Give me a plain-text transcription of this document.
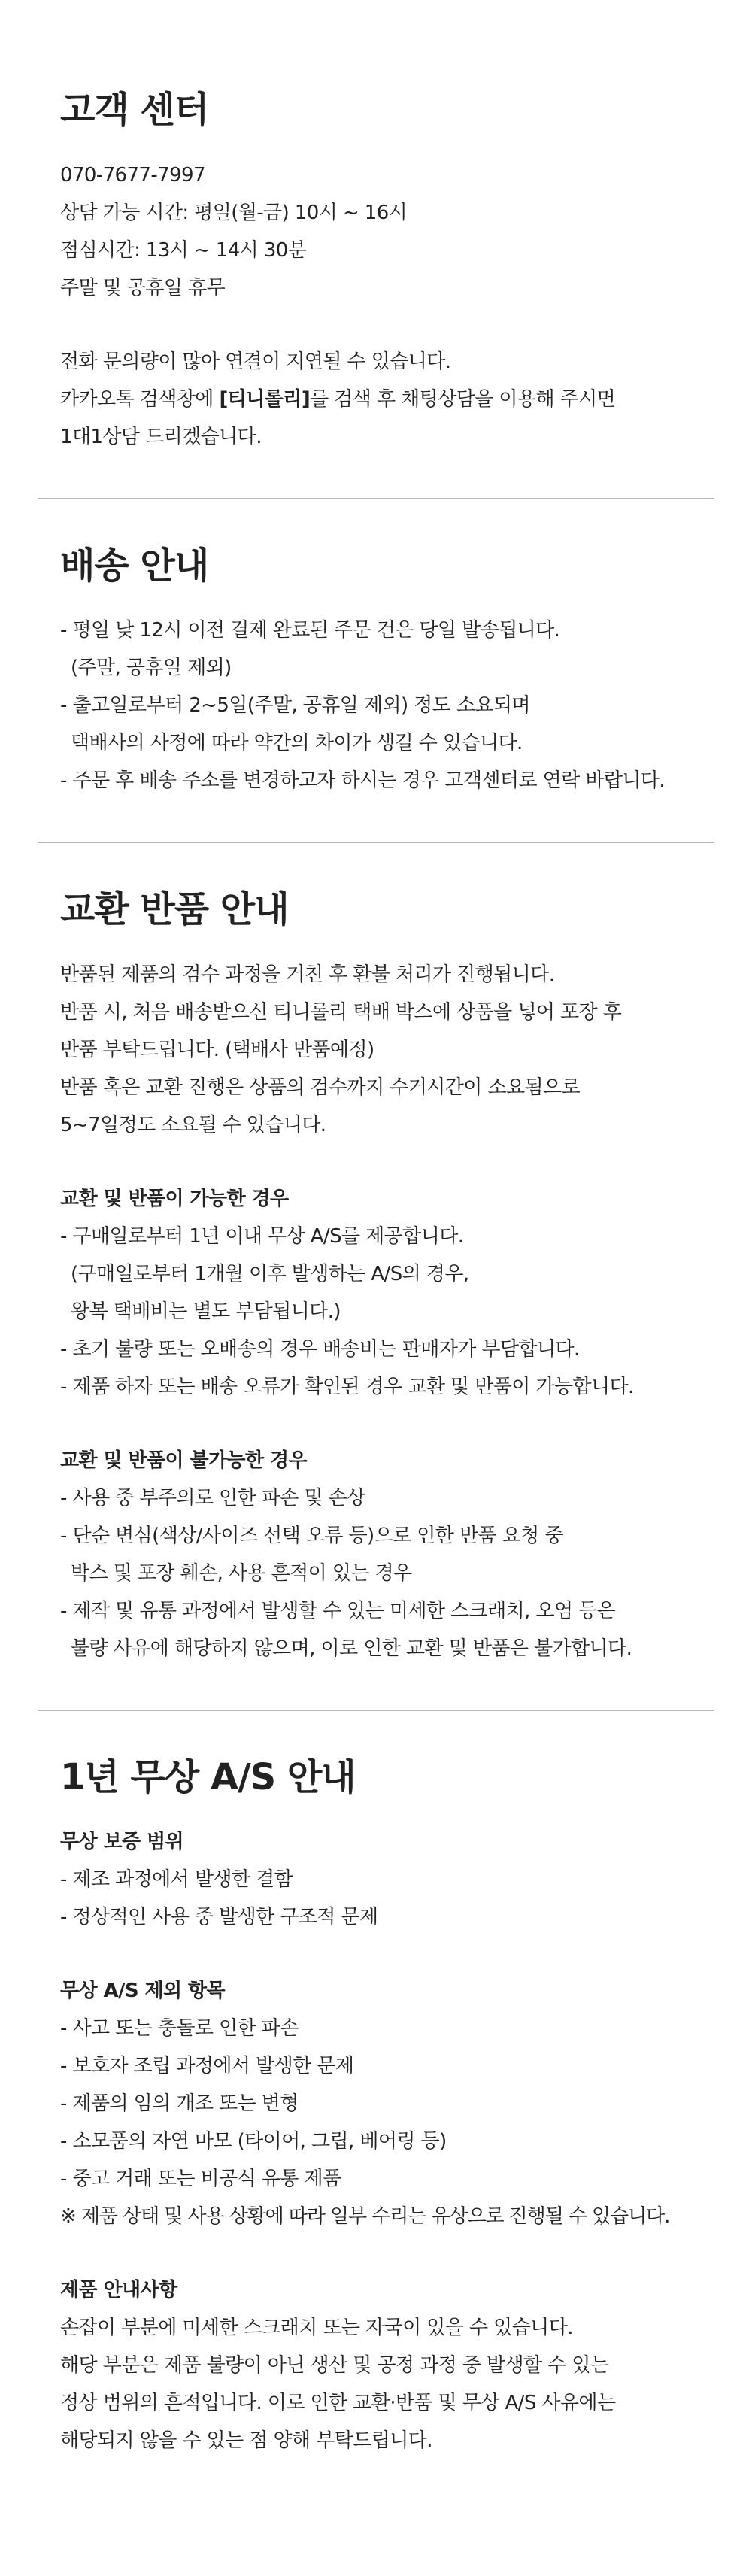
고객 센터
070-7677-7997
상담 가능 시간: 평일(월-금) 10시 ~ 16시
점심시간: 13시 ~ 14시 30분
주말 및 공휴일 휴무
전화 문의량이 많아 연결이 지연될 수 있습니다.
카카오톡 검색창에 [티니롤리]를 검색 후 채팅상담을 이용해 주시면
1대1상담 드리겠습니다.
배송 안내
- 평일 낮 12시 이전 결제 완료된 주문 건은 당일 발송됩니다.
(주말, 공휴일 제외)
- 출고일로부터 2~5일(주말, 공휴일 제외) 정도 소요되며
택배사의 사정에 따라 약간의 차이가 생길 수 있습니다.
- 주문 후 배송 주소를 변경하고자 하시는 경우 고객센터로 연락 바랍니다.
교환 반품 안내
반품된 제품의 검수 과정을 거친 후 환불 처리가 진행됩니다.
반품 시, 처음 배송받으신 티니롤리 택배 박스에 상품을 넣어 포장 후
반품 부탁드립니다. (택배사 반품예정)
반품 혹은 교환 진행은 상품의 검수까지 수거시간이 소요됨으로
5~7일정도 소요될 수 있습니다.
교환 및 반품이 가능한 경우
- 구매일로부터 1년 이내 무상 A/S를 제공합니다.
(구매일로부터 1개월 이후 발생하는 A/S의 경우,
왕복 택배비는 별도 부담됩니다.)
- 초기 불량 또는 오배송의 경우 배송비는 판매자가 부담합니다.
- 제품 하자 또는 배송 오류가 확인된 경우 교환 및 반품이 가능합니다.
교환 및 반품이 불가능한 경우
- 사용 중 부주의로 인한 파손 및 손상
- 단순 변심(색상/사이즈 선택 오류 등)으로 인한 반품 요청 중
박스 및 포장 훼손, 사용 흔적이 있는 경우
- 제작 및 유통 과정에서 발생할 수 있는 미세한 스크래치, 오염 등은
불량 사유에 해당하지 않으며, 이로 인한 교환 및 반품은 불가합니다.
1년 무상 A/S 안내
무상 보증 범위
- 제조 과정에서 발생한 결함
- 정상적인 사용 중 발생한 구조적 문제
무상 A/S 제외 항목
- 사고 또는 충돌로 인한 파손
- 보호자 조립 과정에서 발생한 문제
- 제품의 임의 개조 또는 변형
- 소모품의 자연 마모 (타이어, 그립, 베어링 등)
- 중고 거래 또는 비공식 유통 제품
※ 제품 상태 및 사용 상황에 따라 일부 수리는 유상으로 진행될 수 있습니다.
제품 안내사항
손잡이 부분에 미세한 스크래치 또는 자국이 있을 수 있습니다.
해당 부분은 제품 불량이 아닌 생산 및 공정 과정 중 발생할 수 있는
정상 범위의 흔적입니다. 이로 인한 교환·반품 및 무상 A/S 사유에는
해당되지 않을 수 있는 점 양해 부탁드립니다.
